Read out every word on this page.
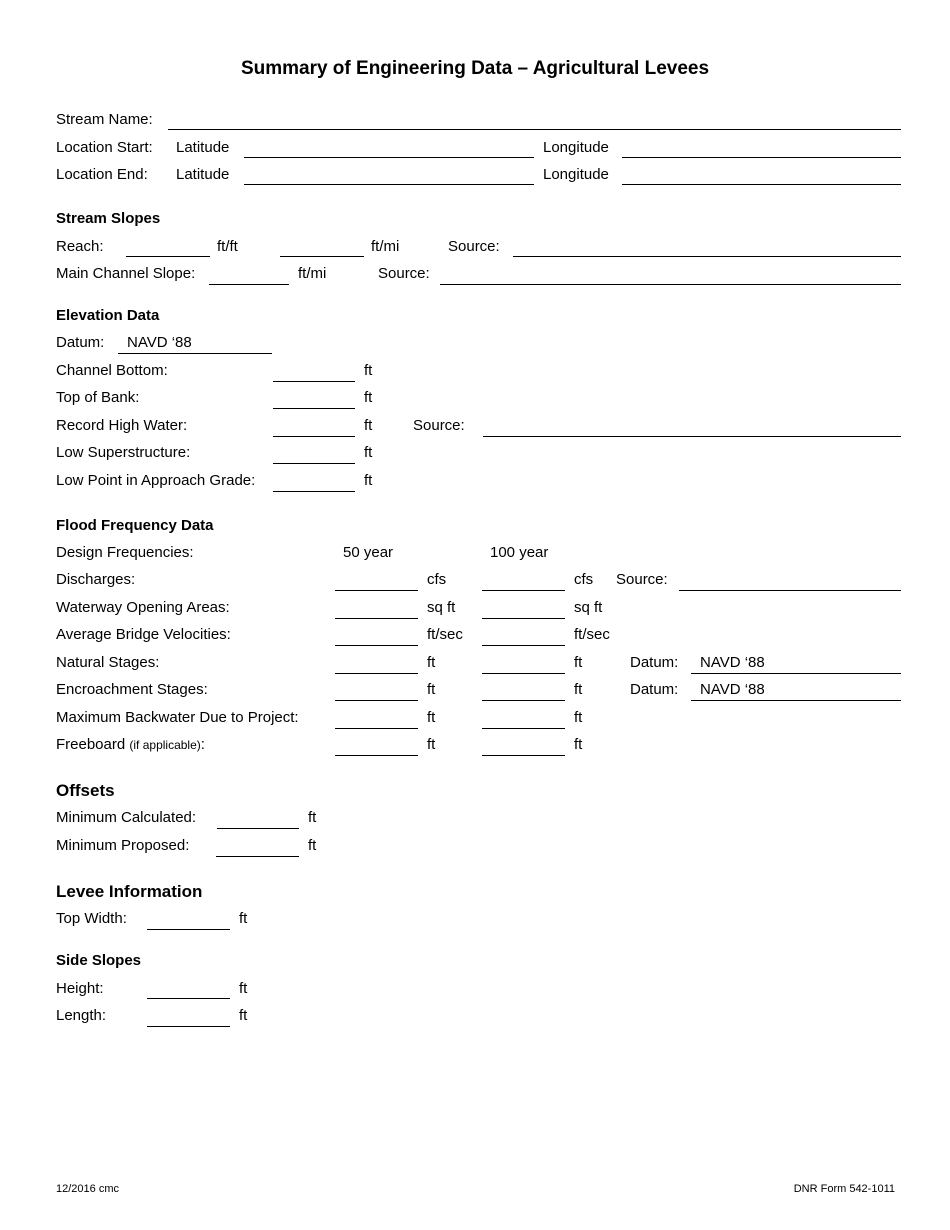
Summary of Engineering Data – Agricultural Levees
Stream Name:
Location Start: Latitude	Longitude
Location End: Latitude	Longitude
Stream Slopes
Reach:	ft/ft	ft/mi	Source:
Main Channel Slope:	ft/mi	Source:
Elevation Data
Datum: NAVD ‘88
Channel Bottom:	ft
Top of Bank:	ft
Record High Water:	ft	Source:
Low Superstructure:	ft
Low Point in Approach Grade:	ft
Flood Frequency Data
Design Frequencies:	50 year	100 year
Discharges:	cfs	cfs Source:
Waterway Opening Areas:	sq ft	sq ft
Average Bridge Velocities:	ft/sec	ft/sec
Natural Stages:	ft	ft	Datum: NAVD ‘88
Encroachment Stages:	ft	ft	Datum: NAVD ‘88
Maximum Backwater Due to Project:	ft	ft
Freeboard (if applicable):	ft	ft
Offsets
Minimum Calculated:	ft
Minimum Proposed:	ft
Levee Information
Top Width:	ft
Side Slopes
Height:	ft
Length:	ft
12/2016 cmc	DNR Form 542-1011
